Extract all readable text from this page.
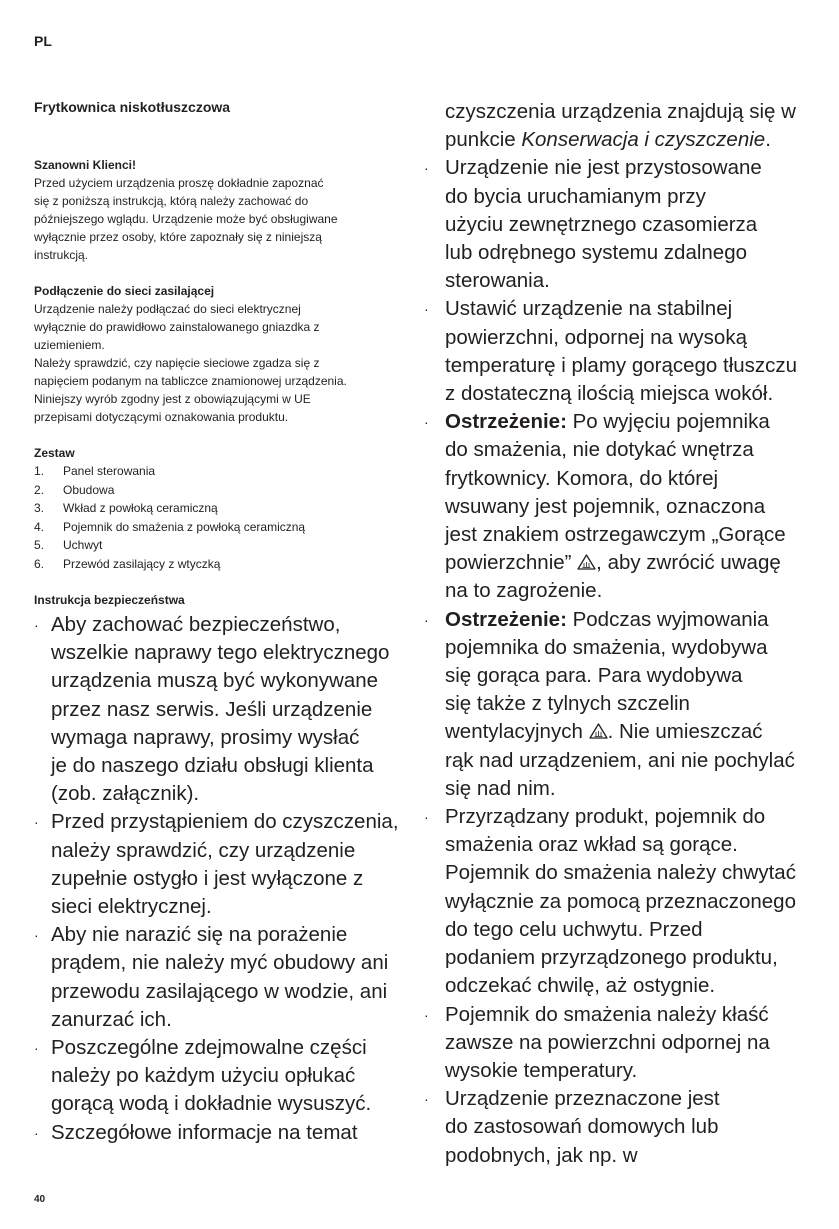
PL
Frytkownica niskotłuszczowa

Szanowni Klienci!

Przed użyciem urządzenia proszę dokładnie zapoznać
się z poniższą instrukcją, którą należy zachować do
późniejszego wglądu. Urządzenie może być obsługiwane
wyłącznie przez osoby, które zapoznały się z niniejszą
instrukcją.

Podłączenie do sieci zasilającej

Urządzenie należy podłączać do sieci elektrycznej
wyłącznie do prawidłowo zainstalowanego gniazdka z
uziemieniem.
Należy sprawdzić, czy napięcie sieciowe zgadza się z
napięciem podanym na tabliczce znamionowej urządzenia.
Niniejszy wyrób zgodny jest z obowiązującymi w UE
przepisami dotyczącymi oznakowania produktu.

Zestaw

1.	Panel sterowania
2.	Obudowa
3.	Wkład z powłoką ceramiczną
4.	Pojemnik do smażenia z powłoką ceramiczną
5.	Uchwyt
6.	Przewód zasilający z wtyczką

Instrukcja bezpieczeństwa

· Aby zachować bezpieczeństwo,
wszelkie naprawy tego elektrycznego
urządzenia muszą być wykonywane
przez nasz serwis. Jeśli urządzenie
wymaga naprawy, prosimy wysłać
je do naszego działu obsługi klienta
(zob. załącznik).
· Przed przystąpieniem do czyszczenia,
należy sprawdzić, czy urządzenie
zupełnie ostygło i jest wyłączone z
sieci elektrycznej.
· Aby nie narazić się na porażenie
prądem, nie należy myć obudowy ani
przewodu zasilającego w wodzie, ani
zanurzać ich.
· Poszczególne zdejmowalne części
należy po każdym użyciu opłukać
gorącą wodą i dokładnie wysuszyć.
· Szczegółowe informacje na temat
czyszczenia urządzenia znajdują się w
punkcie Konserwacja i czyszczenie.
· Urządzenie nie jest przystosowane
do bycia uruchamianym przy
użyciu zewnętrznego czasomierza
lub odrębnego systemu zdalnego
sterowania.
· Ustawić urządzenie na stabilnej
powierzchni, odpornej na wysoką
temperaturę i plamy gorącego tłuszczu
z dostateczną ilością miejsca wokół.
· Ostrzeżenie: Po wyjęciu pojemnika
do smażenia, nie dotykać wnętrza
frytkownicy. Komora, do której
wsuwany jest pojemnik, oznaczona
jest znakiem ostrzegawczym „Gorące
powierzchnie” , aby zwrócić uwagę
na to zagrożenie.
· Ostrzeżenie: Podczas wyjmowania
pojemnika do smażenia, wydobywa
się gorąca para. Para wydobywa
się także z tylnych szczelin
wentylacyjnych . Nie umieszczać
rąk nad urządzeniem, ani nie pochylać
się nad nim.
· Przyrządzany produkt, pojemnik do
smażenia oraz wkład są gorące.
Pojemnik do smażenia należy chwytać
wyłącznie za pomocą przeznaczonego
do tego celu uchwytu. Przed
podaniem przyrządzonego produktu,
odczekać chwilę, aż ostygnie.
· Pojemnik do smażenia należy kłaść
zawsze na powierzchni odpornej na
wysokie temperatury.
· Urządzenie przeznaczone jest
do zastosowań domowych lub
podobnych, jak np. w
40
